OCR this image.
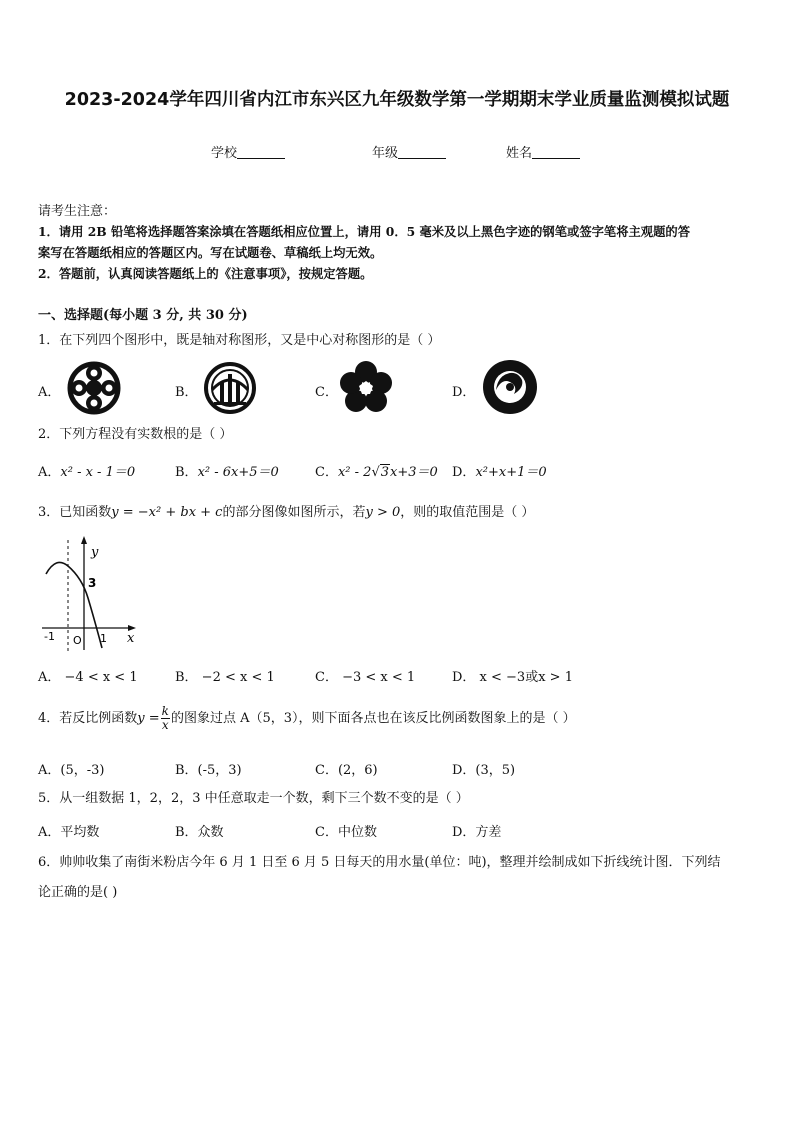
2023-2024学年四川省内江市东兴区九年级数学第一学期期末学业质量监测模拟试题
学校	年级	姓名
请考生注意：
1．请用 2B 铅笔将选择题答案涂填在答题纸相应位置上，请用 0．5 毫米及以上黑色字迹的钢笔或签字笔将主观题的答
案写在答题纸相应的答题区内。写在试题卷、草稿纸上均无效。
2．答题前，认真阅读答题纸上的《注意事项》，按规定答题。
一、选择题(每小题 3 分, 共 30 分)
1．在下列四个图形中，既是轴对称图形，又是中心对称图形的是（ ）
A．	B．	C．	D．
2．下列方程没有实数根的是（ ）
A．x² - x - 1＝0	B．x² - 6x+5＝0	C．x² - 2√3x+3＝0 D．x²+x+1＝0
3．已知函数y = −x² + bx + c的部分图像如图所示，若y > 0，则的取值范围是（ ）
y
x
3
-1 O 1
A． −4 < x < 1	B． −2 < x < 1	C． −3 < x < 1	D． x < −3或x > 1
4．若反比例函数$y = \frac{k}{x}$ 的图象过点 A（5，3），则下面各点也在该反比例函数图象上的是（ ）
A．(5，-3)	B．(-5，3)	C．(2，6)	D．(3，5)
5．从一组数据 1，2，2，3 中任意取走一个数，剩下三个数不变的是（ ）
A．平均数	B．众数	C．中位数	D．方差
6．帅帅收集了南街米粉店今年 6 月 1 日至 6 月 5 日每天的用水量(单位：吨)，整理并绘制成如下折线统计图．下列结
论正确的是( )
